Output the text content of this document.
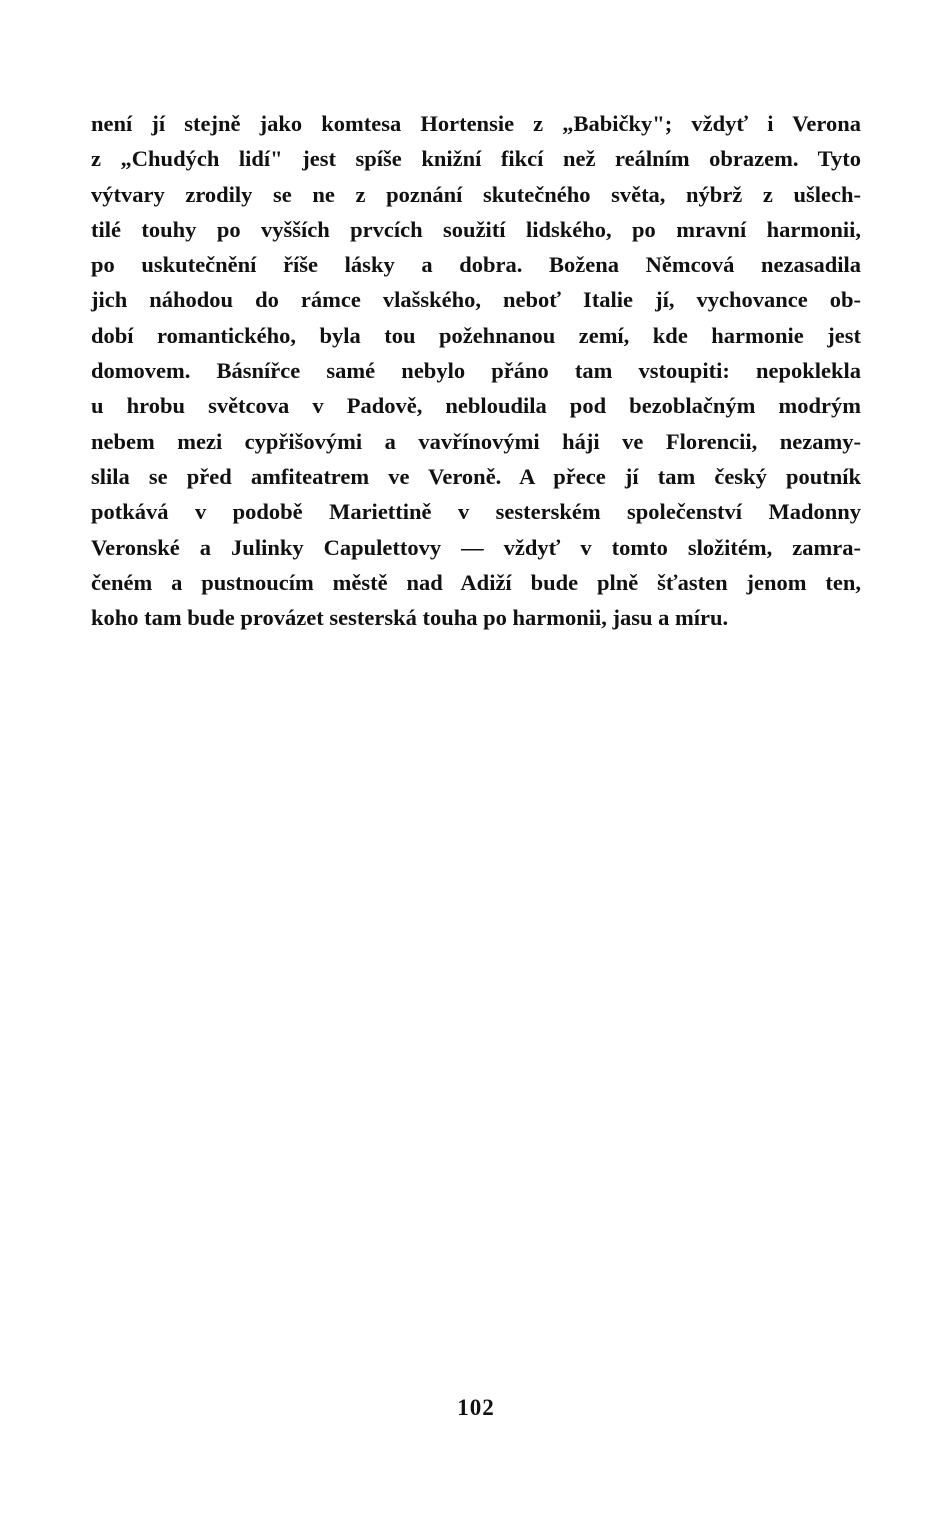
není jí stejně jako komtesa Hortensie z „Babičky"; vždyť i Verona
z „Chudých lidí" jest spíše knižní fikcí než reálním obrazem. Tyto
výtvary zrodily se ne z poznání skutečného světa, nýbrž z ušlech-
tilé touhy po vyšších prvcích soužití lidského, po mravní harmonii,
po uskutečnění říše lásky a dobra. Božena Němcová nezasadila
jich náhodou do rámce vlašského, neboť Italie jí, vychovance ob-
dobí romantického, byla tou požehnanou zemí, kde harmonie jest
domovem. Básnířce samé nebylo přáno tam vstoupiti: nepoklekla
u hrobu světcova v Padově, nebloudila pod bezoblačným modrým
nebem mezi cypřišovými a vavřínovými háji ve Florencii, nezamy-
slila se před amfiteatrem ve Veroně. A přece jí tam český poutník
potkává v podobě Mariettině v sesterském společenství Madonny
Veronské a Julinky Capulettovy — vždyť v tomto složitém, zamra-
čeném a pustnoucím městě nad Adiží bude plně šťasten jenom ten,
koho tam bude provázet sesterská touha po harmonii, jasu a míru.
102
